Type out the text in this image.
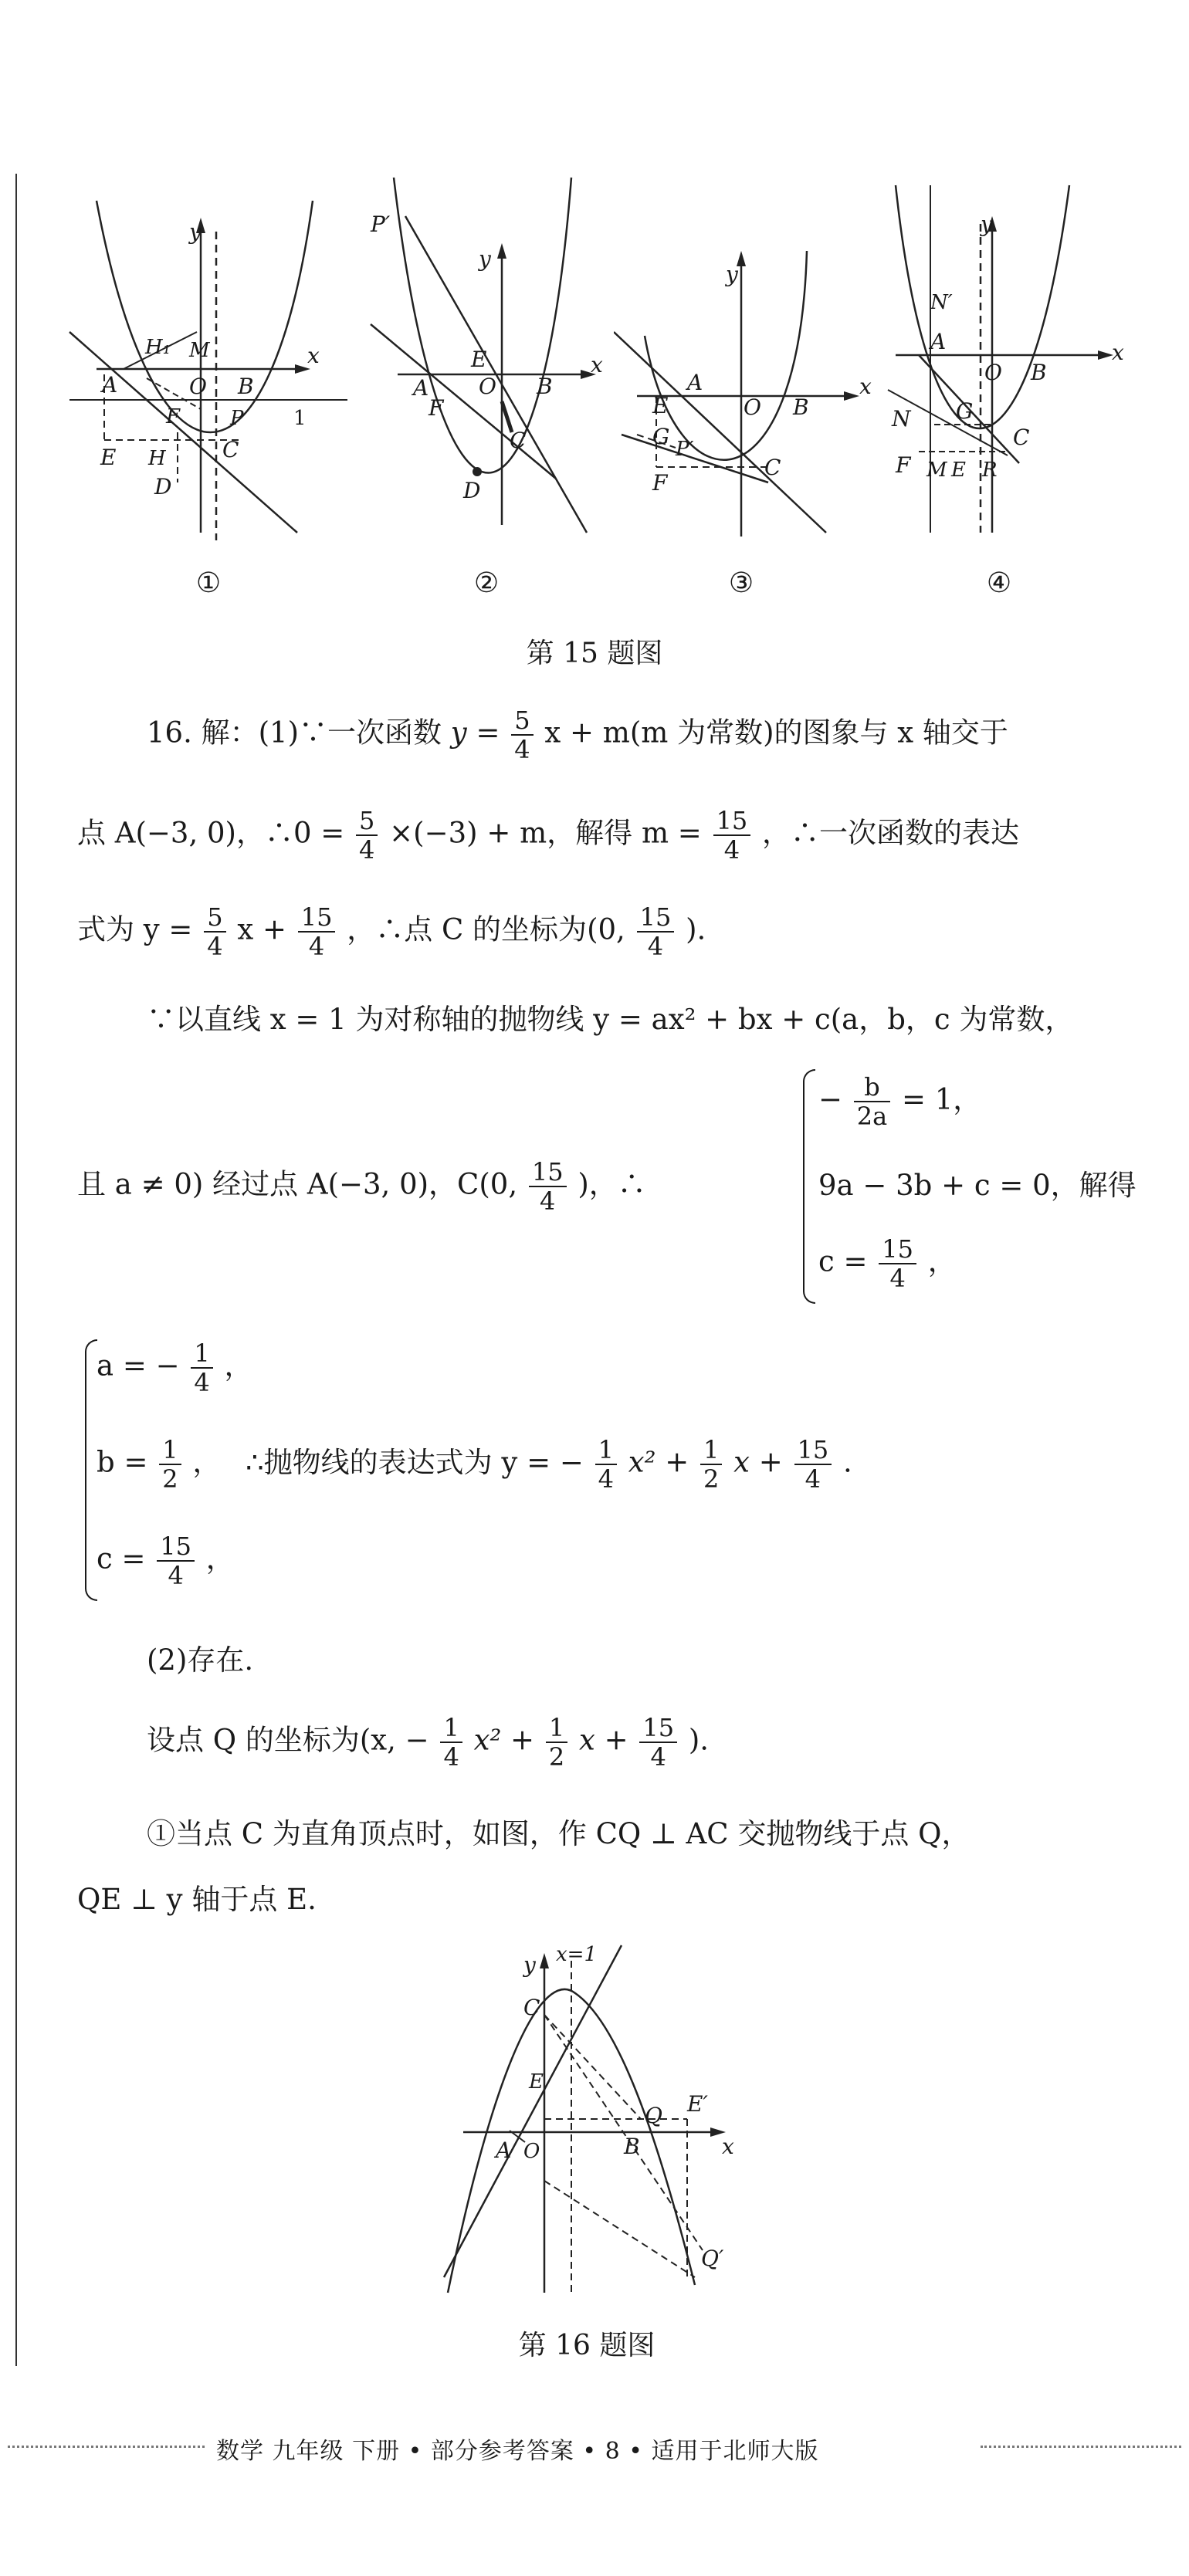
y
x
H₁ M
A	O B
F P 1
E H	C
D
P′
y
x
E
A O B
F
C
D
y
x
A
O B
E
G P′
F
C
y
x
N′
A
O B
N G
F M E R
C
①	②	③	④
第 15 题图
16. 解：(1)∵一次函数 $y = \frac{5}{4}$ x + m(m 为常数)的图象与 x 轴交于
点 A(−3, 0)，∴0 = $\frac{5}{4} \times(-3) + m$，解得 $m = \frac{15}{4}$ ，∴一次函数的表达
式为 $y = \frac{5}{4}$ $x + \frac{15}{4}$ ，∴点 C 的坐标为(0, $\frac{15}{4}$ ).
∵以直线 x = 1 为对称轴的抛物线 y = ax² + bx + c(a，b，c 为常数，
且 a ≠ 0) 经过点 A(−3, 0)，C(0, $\frac{15}{4}$ )，∴
− $\frac{b}{2a} = 1$，
9a − 3b + c = 0，解得
$c = \frac{15}{4}$ ，
a = − $\frac{1}{4}$ ，
$b = \frac{1}{2}$ ， ∴抛物线的表达式为 y = − $\frac{1}{4} x^2 + \frac{1}{2}$ $x + \frac{15}{4}$ .
$c = \frac{15}{4}$ ，
(2)存在.
设点 Q 的坐标为(x, − $\frac{1}{4} x^2 + \frac{1}{2}$ $x + \frac{15}{4}$ ).
①当点 C 为直角顶点时，如图，作 CQ ⊥ AC 交抛物线于点 Q，
QE ⊥ y 轴于点 E.
y x=1
C
E
Q E′
A O	B	x
Q′
第 16 题图
数学 九年级 下册 • 部分参考答案 • 8 • 适用于北师大版
